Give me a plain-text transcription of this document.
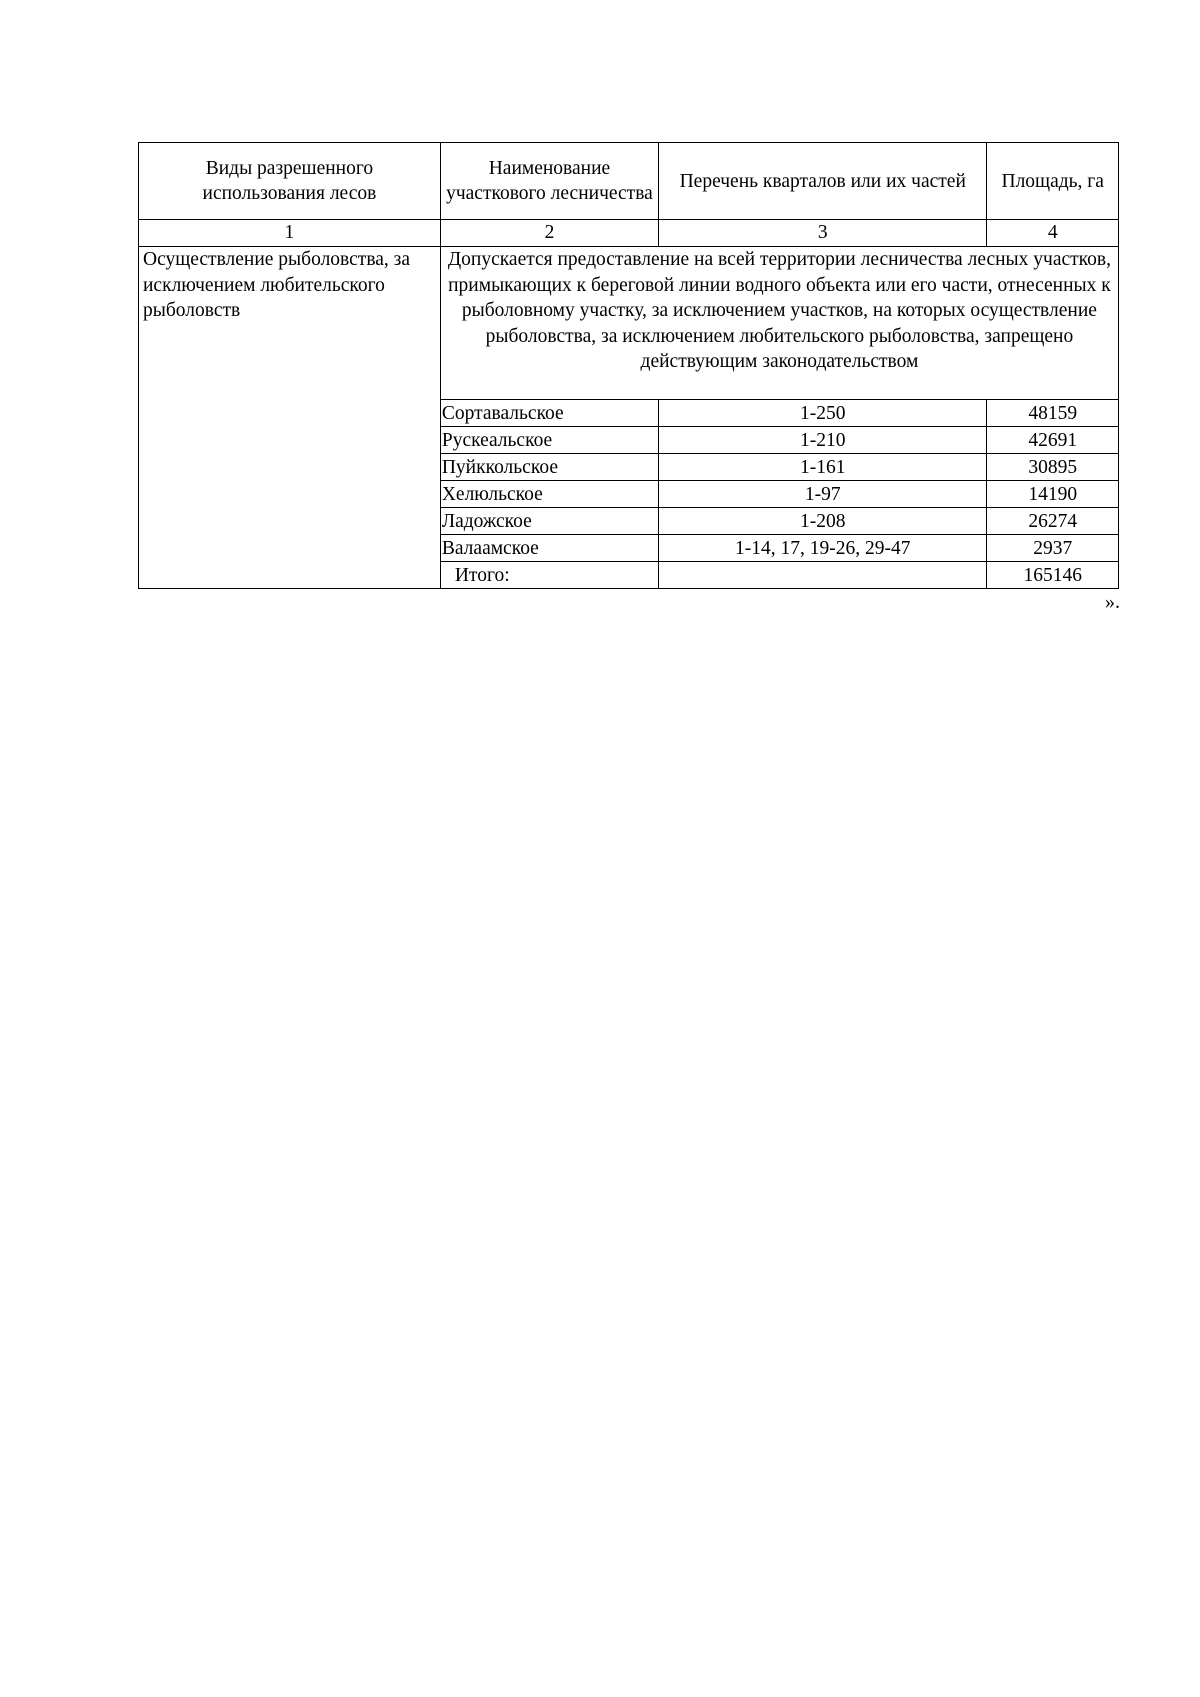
Виды разрешенного использования лесов	Наименование участкового лесничества	Перечень кварталов или их частей	Площадь, га
1	2	3	4
Осуществление рыболовства, за исключением любительского рыболовств	Допускается предоставление на всей территории лесничества лесных участков, примыкающих к береговой линии водного объекта или его части, отнесенных к рыболовному участку, за исключением участков, на которых осуществление рыболовства, за исключением любительского рыболовства, запрещено действующим законодательством		
	Сортавальское	1-250	48159
	Рускеальское	1-210	42691
	Пуйккольское	1-161	30895
	Хелюльское	1-97	14190
	Ладожское	1-208	26274
	Валаамское	1-14, 17, 19-26, 29-47	2937
	Итого:		165146
».
